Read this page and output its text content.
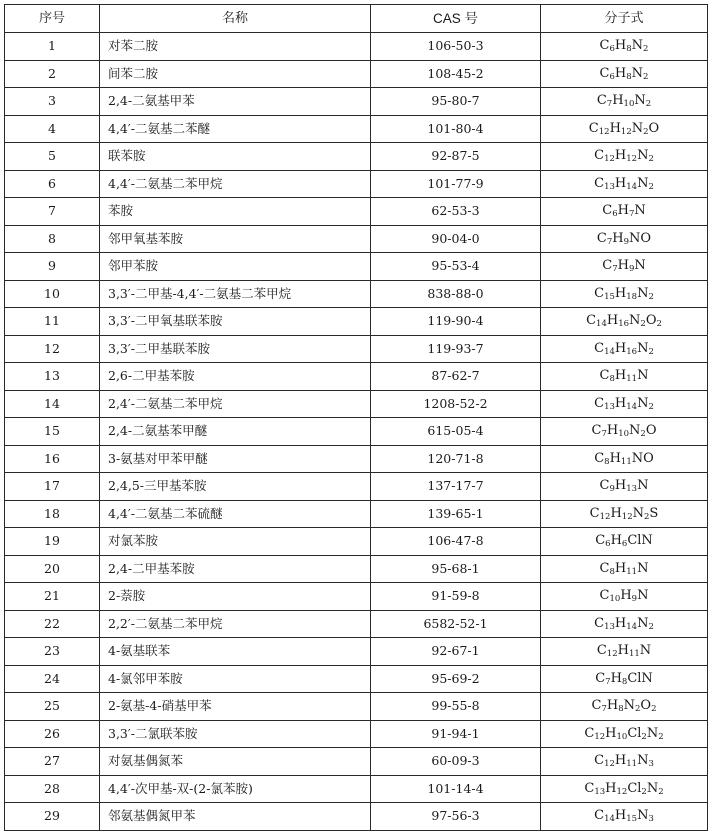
序号	名称	CAS 号	分子式
1	对苯二胺	106-50-3	$C_6H_8N_2$
2	间苯二胺	108-45-2	$C_6H_8N_2$
3	2,4-二氨基甲苯	95-80-7	$C_7H_{10}N_2$
4	4,4′-二氨基二苯醚	101-80-4	$C_{12}H_{12}N_2O$
5	联苯胺	92-87-5	$C_{12}H_{12}N_2$
6	4,4′-二氨基二苯甲烷	101-77-9	$C_{13}H_{14}N_2$
7	苯胺	62-53-3	$C_6H_7N$
8	邻甲氧基苯胺	90-04-0	$C_7H_9NO$
9	邻甲苯胺	95-53-4	$C_7H_9N$
10	3,3′-二甲基-4,4′-二氨基二苯甲烷	838-88-0	$C_{15}H_{18}N_2$
11	3,3′-二甲氧基联苯胺	119-90-4	$C_{14}H_{16}N_2O_2$
12	3,3′-二甲基联苯胺	119-93-7	$C_{14}H_{16}N_2$
13	2,6-二甲基苯胺	87-62-7	$C_8H_{11}N$
14	2,4′-二氨基二苯甲烷	1208-52-2	$C_{13}H_{14}N_2$
15	2,4-二氨基苯甲醚	615-05-4	$C_7H_{10}N_2O$
16	3-氨基对甲苯甲醚	120-71-8	$C_8H_{11}NO$
17	2,4,5-三甲基苯胺	137-17-7	$C_9H_{13}N$
18	4,4′-二氨基二苯硫醚	139-65-1	$C_{12}H_{12}N_2S$
19	对氯苯胺	106-47-8	$C_6H_6ClN$
20	2,4-二甲基苯胺	95-68-1	$C_8H_{11}N$
21	2-萘胺	91-59-8	$C_{10}H_9N$
22	2,2′-二氨基二苯甲烷	6582-52-1	$C_{13}H_{14}N_2$
23	4-氨基联苯	92-67-1	$C_{12}H_{11}N$
24	4-氯邻甲苯胺	95-69-2	$C_7H_8ClN$
25	2-氨基-4-硝基甲苯	99-55-8	$C_7H_8N_2O_2$
26	3,3′-二氯联苯胺	91-94-1	$C_{12}H_{10}Cl_2N_2$
27	对氨基偶氮苯	60-09-3	$C_{12}H_{11}N_3$
28	4,4′-次甲基-双-(2-氯苯胺)	101-14-4	$C_{13}H_{12}Cl_2N_2$
29	邻氨基偶氮甲苯	97-56-3	$C_{14}H_{15}N_3$
